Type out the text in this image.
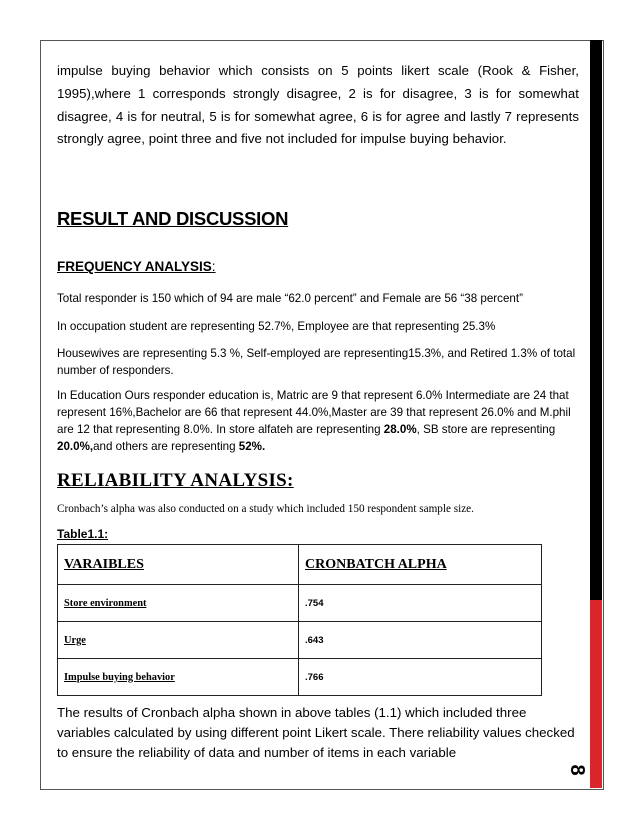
8
impulse buying behavior which consists on 5 points likert scale (Rook & Fisher, 1995),where 1 corresponds strongly disagree, 2 is for disagree, 3 is for somewhat disagree, 4 is for neutral, 5 is for somewhat agree, 6 is for agree and lastly 7 represents strongly agree, point three and five not included for impulse buying behavior.
RESULT AND DISCUSSION
FREQUENCY ANALYSIS:
Total responder is 150 which of 94 are male “62.0 percent” and Female are 56 “38 percent”
In occupation student are representing 52.7%, Employee are that representing 25.3%
Housewives are representing 5.3 %, Self-employed are representing15.3%, and Retired 1.3% of total number of responders.
In Education Ours responder education is, Matric are 9 that represent 6.0% Intermediate are 24 that represent 16%,Bachelor are 66 that represent 44.0%,Master are 39 that represent 26.0% and M.phil are 12 that representing 8.0%. In store alfateh are representing 28.0%, SB store are representing 20.0%,and others are representing 52%.
RELIABILITY ANALYSIS:
Cronbach’s alpha was also conducted on a study which included 150 respondent sample size.
Table1.1:
VARAIBLES	CRONBATCH ALPHA
Store environment	.754
Urge	.643
Impulse buying behavior	.766
The results of Cronbach alpha shown in above tables (1.1) which included three variables calculated by using different point Likert scale. There reliability values checked to ensure the reliability of data and number of items in each variable
